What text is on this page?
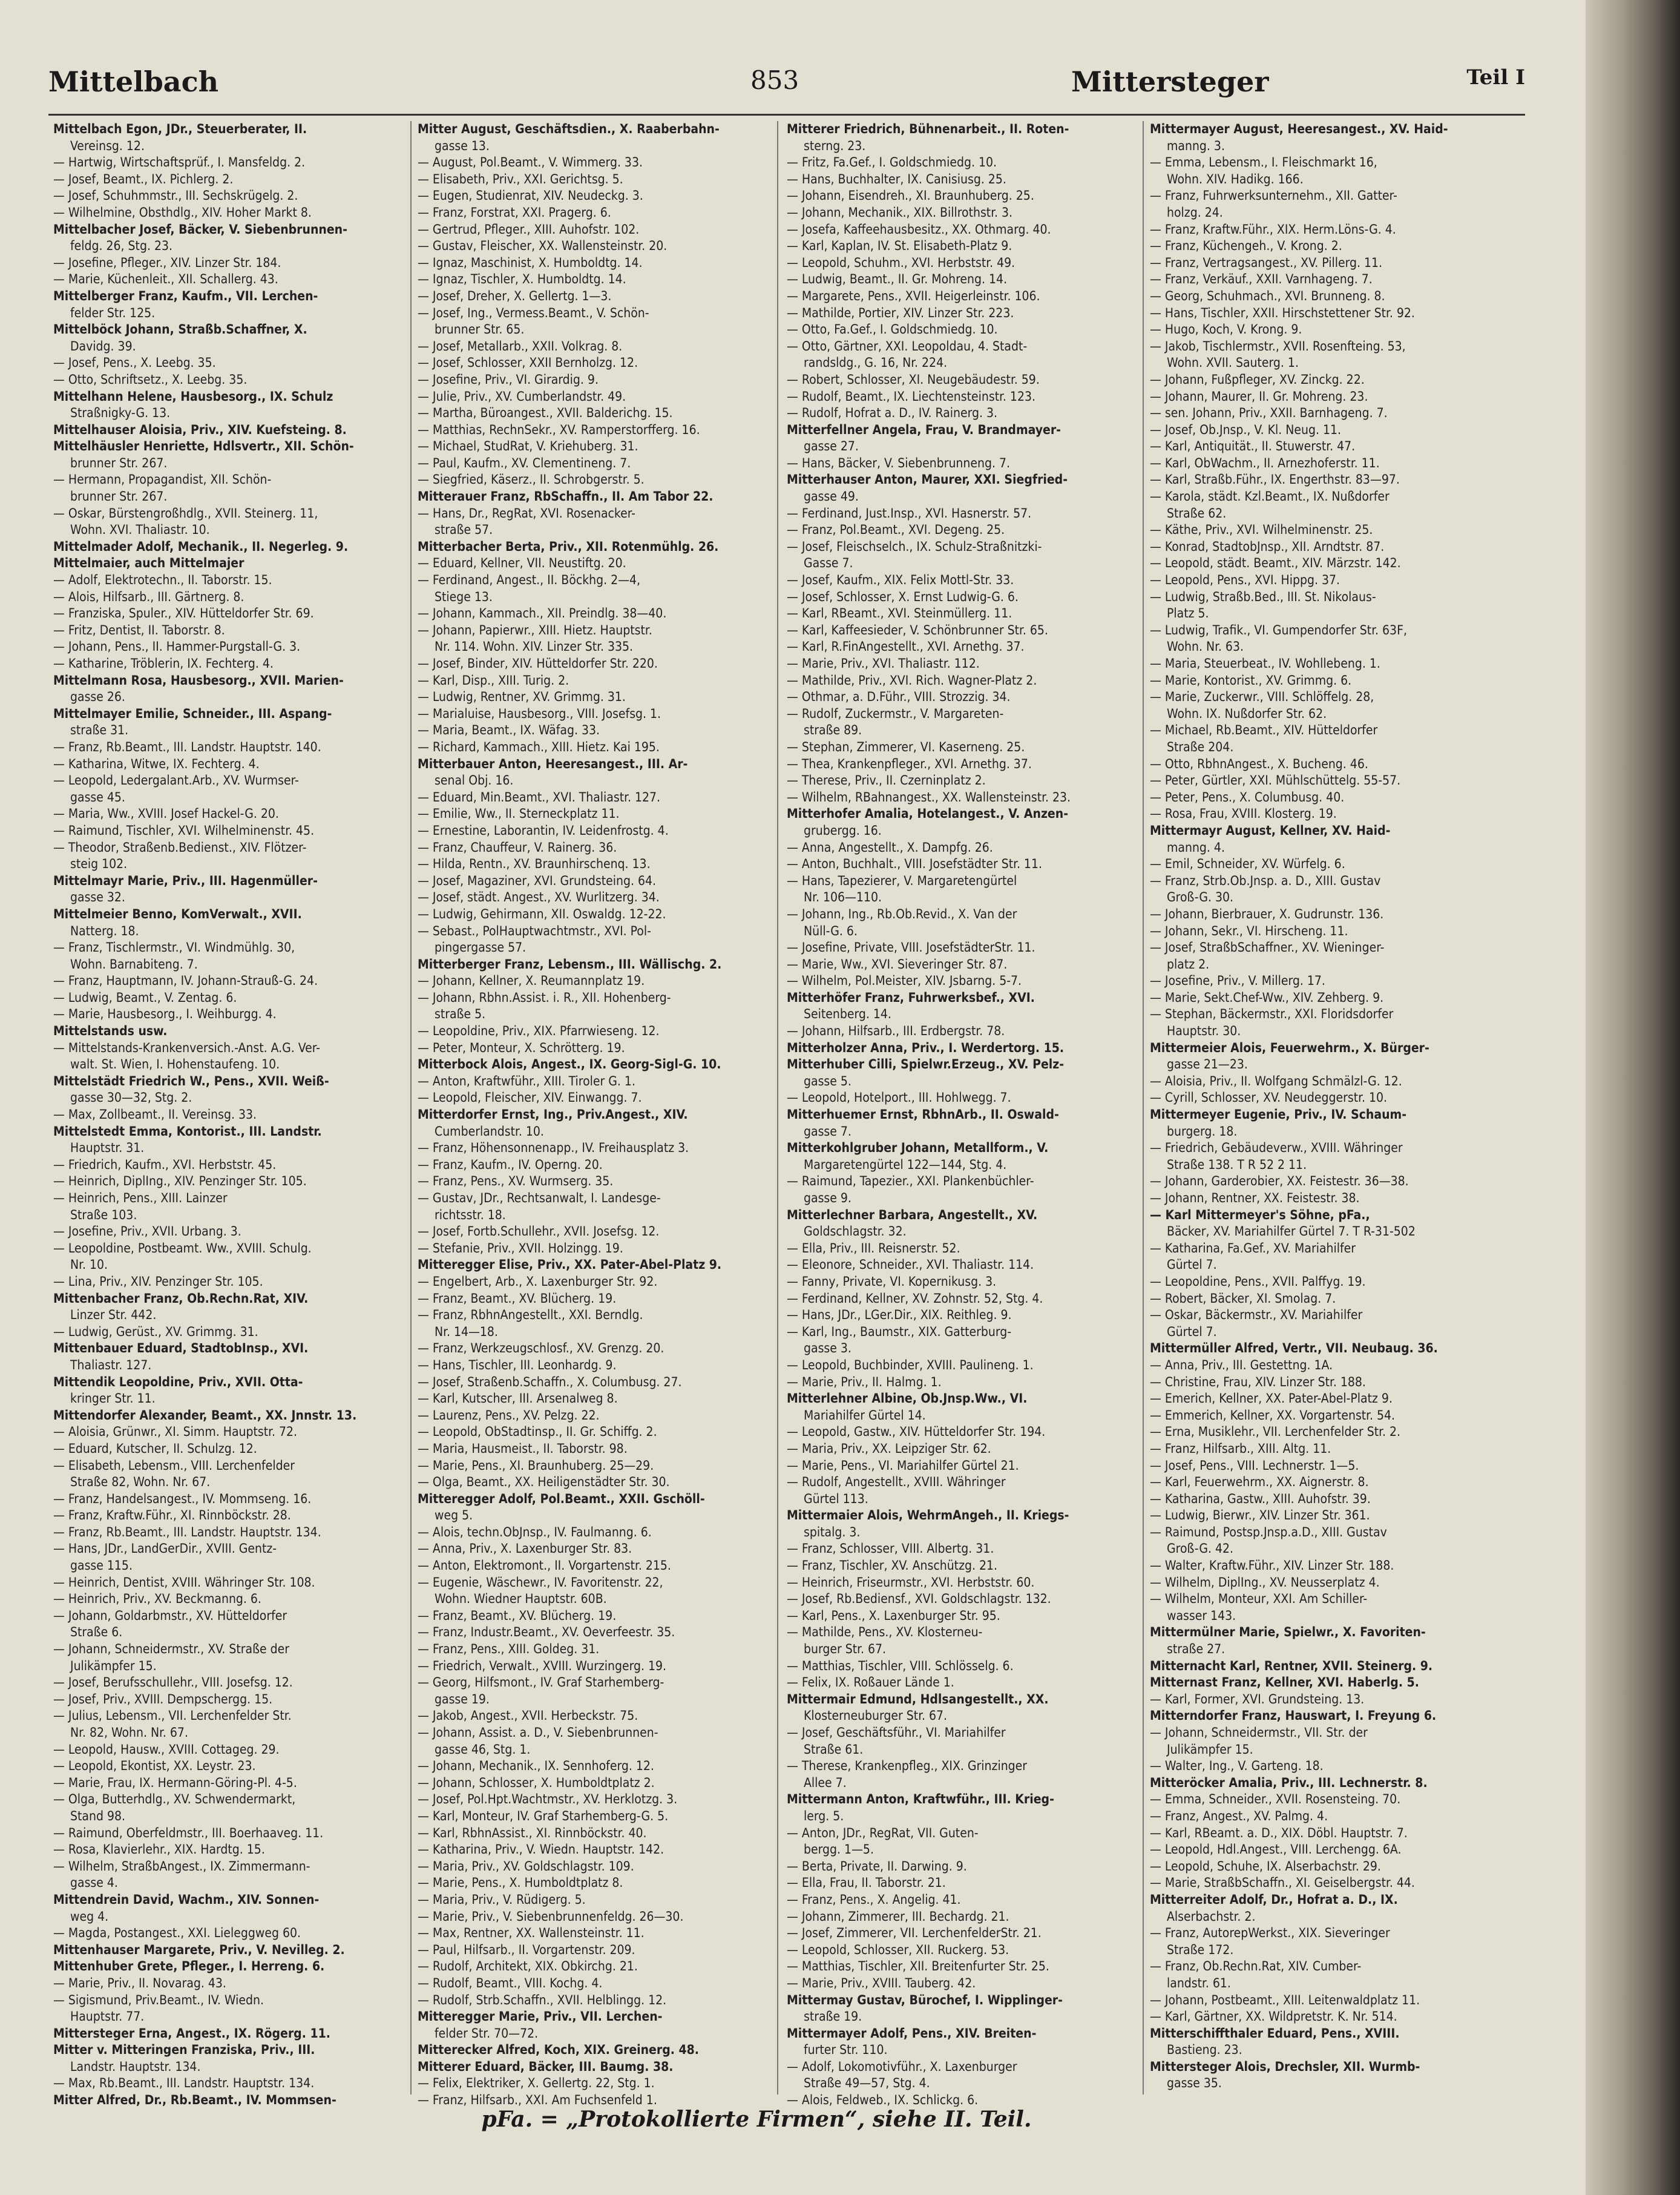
Mittelbach	853	Mittersteger	Teil I
Mittelbach Egon, JDr., Steuerberater, II.
Vereinsg. 12.
— Hartwig, Wirtschaftsprüf., I. Mansfeldg. 2.
— Josef, Beamt., IX. Pichlerg. 2.
— Josef, Schuhmmstr., III. Sechskrügelg. 2.
— Wilhelmine, Obsthdlg., XIV. Hoher Markt 8.
Mittelbacher Josef, Bäcker, V. Siebenbrunnen-
feldg. 26, Stg. 23.
— Josefine, Pfleger., XIV. Linzer Str. 184.
— Marie, Küchenleit., XII. Schallerg. 43.
Mittelberger Franz, Kaufm., VII. Lerchen-
felder Str. 125.
Mittelböck Johann, Straßb.Schaffner, X.
Davidg. 39.
— Josef, Pens., X. Leebg. 35.
— Otto, Schriftsetz., X. Leebg. 35.
Mittelhann Helene, Hausbesorg., IX. Schulz
Straßnigky-G. 13.
Mittelhauser Aloisia, Priv., XIV. Kuefsteing. 8.
Mittelhäusler Henriette, Hdlsvertr., XII. Schön-
brunner Str. 267.
— Hermann, Propagandist, XII. Schön-
brunner Str. 267.
— Oskar, Bürstengroßhdlg., XVII. Steinerg. 11,
Wohn. XVI. Thaliastr. 10.
Mittelmader Adolf, Mechanik., II. Negerleg. 9.
Mittelmaier, auch Mittelmajer
— Adolf, Elektrotechn., II. Taborstr. 15.
— Alois, Hilfsarb., III. Gärtnerg. 8.
— Franziska, Spuler., XIV. Hütteldorfer Str. 69.
— Fritz, Dentist, II. Taborstr. 8.
— Johann, Pens., II. Hammer-Purgstall-G. 3.
— Katharine, Tröblerin, IX. Fechterg. 4.
Mittelmann Rosa, Hausbesorg., XVII. Marien-
gasse 26.
Mittelmayer Emilie, Schneider., III. Aspang-
straße 31.
— Franz, Rb.Beamt., III. Landstr. Hauptstr. 140.
— Katharina, Witwe, IX. Fechterg. 4.
— Leopold, Ledergalant.Arb., XV. Wurmser-
gasse 45.
— Maria, Ww., XVIII. Josef Hackel-G. 20.
— Raimund, Tischler, XVI. Wilhelminenstr. 45.
— Theodor, Straßenb.Bedienst., XIV. Flötzer-
steig 102.
Mittelmayr Marie, Priv., III. Hagenmüller-
gasse 32.
Mittelmeier Benno, KomVerwalt., XVII.
Natterg. 18.
— Franz, Tischlermstr., VI. Windmühlg. 30,
Wohn. Barnabiteng. 7.
— Franz, Hauptmann, IV. Johann-Strauß-G. 24.
— Ludwig, Beamt., V. Zentag. 6.
— Marie, Hausbesorg., I. Weihburgg. 4.
Mittelstands usw.
— Mittelstands-Krankenversich.-Anst. A.G. Ver-
walt. St. Wien, I. Hohenstaufeng. 10.
Mittelstädt Friedrich W., Pens., XVII. Weiß-
gasse 30—32, Stg. 2.
— Max, Zollbeamt., II. Vereinsg. 33.
Mittelstedt Emma, Kontorist., III. Landstr.
Hauptstr. 31.
— Friedrich, Kaufm., XVI. Herbststr. 45.
— Heinrich, DiplIng., XIV. Penzinger Str. 105.
— Heinrich, Pens., XIII. Lainzer
Straße 103.
— Josefine, Priv., XVII. Urbang. 3.
— Leopoldine, Postbeamt. Ww., XVIII. Schulg.
Nr. 10.
— Lina, Priv., XIV. Penzinger Str. 105.
Mittenbacher Franz, Ob.Rechn.Rat, XIV.
Linzer Str. 442.
— Ludwig, Gerüst., XV. Grimmg. 31.
Mittenbauer Eduard, StadtobInsp., XVI.
Thaliastr. 127.
Mittendik Leopoldine, Priv., XVII. Otta-
kringer Str. 11.
Mittendorfer Alexander, Beamt., XX. Jnnstr. 13.
— Aloisia, Grünwr., XI. Simm. Hauptstr. 72.
— Eduard, Kutscher, II. Schulzg. 12.
— Elisabeth, Lebensm., VIII. Lerchenfelder
Straße 82, Wohn. Nr. 67.
— Franz, Handelsangest., IV. Mommseng. 16.
— Franz, Kraftw.Führ., XI. Rinnböckstr. 28.
— Franz, Rb.Beamt., III. Landstr. Hauptstr. 134.
— Hans, JDr., LandGerDir., XVIII. Gentz-
gasse 115.
— Heinrich, Dentist, XVIII. Währinger Str. 108.
— Heinrich, Priv., XV. Beckmanng. 6.
— Johann, Goldarbmstr., XV. Hütteldorfer
Straße 6.
— Johann, Schneidermstr., XV. Straße der
Julikämpfer 15.
— Josef, Berufsschullehr., VIII. Josefsg. 12.
— Josef, Priv., XVIII. Dempschergg. 15.
— Julius, Lebensm., VII. Lerchenfelder Str.
Nr. 82, Wohn. Nr. 67.
— Leopold, Hausw., XVIII. Cottageg. 29.
— Leopold, Ekontist, XX. Leystr. 23.
— Marie, Frau, IX. Hermann-Göring-Pl. 4-5.
— Olga, Butterhdlg., XV. Schwendermarkt,
Stand 98.
— Raimund, Oberfeldmstr., III. Boerhaaveg. 11.
— Rosa, Klavierlehr., XIX. Hardtg. 15.
— Wilhelm, StraßbAngest., IX. Zimmermann-
gasse 4.
Mittendrein David, Wachm., XIV. Sonnen-
weg 4.
— Magda, Postangest., XXI. Lieleggweg 60.
Mittenhauser Margarete, Priv., V. Nevilleg. 2.
Mittenhuber Grete, Pfleger., I. Herreng. 6.
— Marie, Priv., II. Novarag. 43.
— Sigismund, Priv.Beamt., IV. Wiedn.
Hauptstr. 77.
Mittersteger Erna, Angest., IX. Rögerg. 11.
Mitter v. Mitteringen Franziska, Priv., III.
Landstr. Hauptstr. 134.
— Max, Rb.Beamt., III. Landstr. Hauptstr. 134.
Mitter Alfred, Dr., Rb.Beamt., IV. Mommsen-
Mitter August, Geschäftsdien., X. Raaberbahn-
gasse 13.
— August, Pol.Beamt., V. Wimmerg. 33.
— Elisabeth, Priv., XXI. Gerichtsg. 5.
— Eugen, Studienrat, XIV. Neudeckg. 3.
— Franz, Forstrat, XXI. Pragerg. 6.
— Gertrud, Pfleger., XIII. Auhofstr. 102.
— Gustav, Fleischer, XX. Wallensteinstr. 20.
— Ignaz, Maschinist, X. Humboldtg. 14.
— Ignaz, Tischler, X. Humboldtg. 14.
— Josef, Dreher, X. Gellertg. 1—3.
— Josef, Ing., Vermess.Beamt., V. Schön-
brunner Str. 65.
— Josef, Metallarb., XXII. Volkrag. 8.
— Josef, Schlosser, XXII Bernholzg. 12.
— Josefine, Priv., VI. Girardig. 9.
— Julie, Priv., XV. Cumberlandstr. 49.
— Martha, Büroangest., XVII. Balderichg. 15.
— Matthias, RechnSekr., XV. Ramperstorfferg. 16.
— Michael, StudRat, V. Kriehuberg. 31.
— Paul, Kaufm., XV. Clementineng. 7.
— Siegfried, Käserz., II. Schrobgerstr. 5.
Mitterauer Franz, RbSchaffn., II. Am Tabor 22.
— Hans, Dr., RegRat, XVI. Rosenacker-
straße 57.
Mitterbacher Berta, Priv., XII. Rotenmühlg. 26.
— Eduard, Kellner, VII. Neustiftg. 20.
— Ferdinand, Angest., II. Böckhg. 2—4,
Stiege 13.
— Johann, Kammach., XII. Preindlg. 38—40.
— Johann, Papierwr., XIII. Hietz. Hauptstr.
Nr. 114. Wohn. XIV. Linzer Str. 335.
— Josef, Binder, XIV. Hütteldorfer Str. 220.
— Karl, Disp., XIII. Turig. 2.
— Ludwig, Rentner, XV. Grimmg. 31.
— Marialuise, Hausbesorg., VIII. Josefsg. 1.
— Maria, Beamt., IX. Wäfag. 33.
— Richard, Kammach., XIII. Hietz. Kai 195.
Mitterbauer Anton, Heeresangest., III. Ar-
senal Obj. 16.
— Eduard, Min.Beamt., XVI. Thaliastr. 127.
— Emilie, Ww., II. Sterneckplatz 11.
— Ernestine, Laborantin, IV. Leidenfrostg. 4.
— Franz, Chauffeur, V. Rainerg. 36.
— Hilda, Rentn., XV. Braunhirschenq. 13.
— Josef, Magaziner, XVI. Grundsteing. 64.
— Josef, städt. Angest., XV. Wurlitzerg. 34.
— Ludwig, Gehirmann, XII. Oswaldg. 12-22.
— Sebast., PolHauptwachtmstr., XVI. Pol-
pingergasse 57.
Mitterberger Franz, Lebensm., III. Wällischg. 2.
— Johann, Kellner, X. Reumannplatz 19.
— Johann, Rbhn.Assist. i. R., XII. Hohenberg-
straße 5.
— Leopoldine, Priv., XIX. Pfarrwieseng. 12.
— Peter, Monteur, X. Schrötterg. 19.
Mitterbock Alois, Angest., IX. Georg-Sigl-G. 10.
— Anton, Kraftwführ., XIII. Tiroler G. 1.
— Leopold, Fleischer, XIV. Einwangg. 7.
Mitterdorfer Ernst, Ing., Priv.Angest., XIV.
Cumberlandstr. 10.
— Franz, Höhensonnenapp., IV. Freihausplatz 3.
— Franz, Kaufm., IV. Operng. 20.
— Franz, Pens., XV. Wurmserg. 35.
— Gustav, JDr., Rechtsanwalt, I. Landesge-
richtsstr. 18.
— Josef, Fortb.Schullehr., XVII. Josefsg. 12.
— Stefanie, Priv., XVII. Holzingg. 19.
Mitteregger Elise, Priv., XX. Pater-Abel-Platz 9.
— Engelbert, Arb., X. Laxenburger Str. 92.
— Franz, Beamt., XV. Blücherg. 19.
— Franz, RbhnAngestellt., XXI. Berndlg.
Nr. 14—18.
— Franz, Werkzeugschlosf., XV. Grenzg. 20.
— Hans, Tischler, III. Leonhardg. 9.
— Josef, Straßenb.Schaffn., X. Columbusg. 27.
— Karl, Kutscher, III. Arsenalweg 8.
— Laurenz, Pens., XV. Pelzg. 22.
— Leopold, ObStadtinsp., II. Gr. Schiffg. 2.
— Maria, Hausmeist., II. Taborstr. 98.
— Marie, Pens., XI. Braunhuberg. 25—29.
— Olga, Beamt., XX. Heiligenstädter Str. 30.
Mitteregger Adolf, Pol.Beamt., XXII. Gschöll-
weg 5.
— Alois, techn.ObJnsp., IV. Faulmanng. 6.
— Anna, Priv., X. Laxenburger Str. 83.
— Anton, Elektromont., II. Vorgartenstr. 215.
— Eugenie, Wäschewr., IV. Favoritenstr. 22,
Wohn. Wiedner Hauptstr. 60B.
— Franz, Beamt., XV. Blücherg. 19.
— Franz, Industr.Beamt., XV. Oeverfeestr. 35.
— Franz, Pens., XIII. Goldeg. 31.
— Friedrich, Verwalt., XVIII. Wurzingerg. 19.
— Georg, Hilfsmont., IV. Graf Starhemberg-
gasse 19.
— Jakob, Angest., XVII. Herbeckstr. 75.
— Johann, Assist. a. D., V. Siebenbrunnen-
gasse 46, Stg. 1.
— Johann, Mechanik., IX. Sennhoferg. 12.
— Johann, Schlosser, X. Humboldtplatz 2.
— Josef, Pol.Hpt.Wachtmstr., XV. Herklotzg. 3.
— Karl, Monteur, IV. Graf Starhemberg-G. 5.
— Karl, RbhnAssist., XI. Rinnböckstr. 40.
— Katharina, Priv., V. Wiedn. Hauptstr. 142.
— Maria, Priv., XV. Goldschlagstr. 109.
— Marie, Pens., X. Humboldtplatz 8.
— Maria, Priv., V. Rüdigerg. 5.
— Marie, Priv., V. Siebenbrunnenfeldg. 26—30.
— Max, Rentner, XX. Wallensteinstr. 11.
— Paul, Hilfsarb., II. Vorgartenstr. 209.
— Rudolf, Architekt, XIX. Obkirchg. 21.
— Rudolf, Beamt., VIII. Kochg. 4.
— Rudolf, Strb.Schaffn., XVII. Helblingg. 12.
Mitteregger Marie, Priv., VII. Lerchen-
felder Str. 70—72.
Mitterecker Alfred, Koch, XIX. Greinerg. 48.
Mitterer Eduard, Bäcker, III. Baumg. 38.
— Felix, Elektriker, X. Gellertg. 22, Stg. 1.
— Franz, Hilfsarb., XXI. Am Fuchsenfeld 1.
Mitterer Friedrich, Bühnenarbeit., II. Roten-
sterng. 23.
— Fritz, Fa.Gef., I. Goldschmiedg. 10.
— Hans, Buchhalter, IX. Canisiusg. 25.
— Johann, Eisendreh., XI. Braunhuberg. 25.
— Johann, Mechanik., XIX. Billrothstr. 3.
— Josefa, Kaffeehausbesitz., XX. Othmarg. 40.
— Karl, Kaplan, IV. St. Elisabeth-Platz 9.
— Leopold, Schuhm., XVI. Herbststr. 49.
— Ludwig, Beamt., II. Gr. Mohreng. 14.
— Margarete, Pens., XVII. Heigerleinstr. 106.
— Mathilde, Portier, XIV. Linzer Str. 223.
— Otto, Fa.Gef., I. Goldschmiedg. 10.
— Otto, Gärtner, XXI. Leopoldau, 4. Stadt-
randsldg., G. 16, Nr. 224.
— Robert, Schlosser, XI. Neugebäudestr. 59.
— Rudolf, Beamt., IX. Liechtensteinstr. 123.
— Rudolf, Hofrat a. D., IV. Rainerg. 3.
Mitterfellner Angela, Frau, V. Brandmayer-
gasse 27.
— Hans, Bäcker, V. Siebenbrunneng. 7.
Mitterhauser Anton, Maurer, XXI. Siegfried-
gasse 49.
— Ferdinand, Just.Insp., XVI. Hasnerstr. 57.
— Franz, Pol.Beamt., XVI. Degeng. 25.
— Josef, Fleischselch., IX. Schulz-Straßnitzki-
Gasse 7.
— Josef, Kaufm., XIX. Felix Mottl-Str. 33.
— Josef, Schlosser, X. Ernst Ludwig-G. 6.
— Karl, RBeamt., XVI. Steinmüllerg. 11.
— Karl, Kaffeesieder, V. Schönbrunner Str. 65.
— Karl, R.FinAngestellt., XVI. Arnethg. 37.
— Marie, Priv., XVI. Thaliastr. 112.
— Mathilde, Priv., XVI. Rich. Wagner-Platz 2.
— Othmar, a. D.Führ., VIII. Strozzig. 34.
— Rudolf, Zuckermstr., V. Margareten-
straße 89.
— Stephan, Zimmerer, VI. Kaserneng. 25.
— Thea, Krankenpfleger., XVI. Arnethg. 37.
— Therese, Priv., II. Czerninplatz 2.
— Wilhelm, RBahnangest., XX. Wallensteinstr. 23.
Mitterhofer Amalia, Hotelangest., V. Anzen-
grubergg. 16.
— Anna, Angestellt., X. Dampfg. 26.
— Anton, Buchhalt., VIII. Josefstädter Str. 11.
— Hans, Tapezierer, V. Margaretengürtel
Nr. 106—110.
— Johann, Ing., Rb.Ob.Revid., X. Van der
Nüll-G. 6.
— Josefine, Private, VIII. JosefstädterStr. 11.
— Marie, Ww., XVI. Sieveringer Str. 87.
— Wilhelm, Pol.Meister, XIV. Jsbarng. 5-7.
Mitterhöfer Franz, Fuhrwerksbef., XVI.
Seitenberg. 14.
— Johann, Hilfsarb., III. Erdbergstr. 78.
Mitterholzer Anna, Priv., I. Werdertorg. 15.
Mitterhuber Cilli, Spielwr.Erzeug., XV. Pelz-
gasse 5.
— Leopold, Hotelport., III. Hohlwegg. 7.
Mitterhuemer Ernst, RbhnArb., II. Oswald-
gasse 7.
Mitterkohlgruber Johann, Metallform., V.
Margaretengürtel 122—144, Stg. 4.
— Raimund, Tapezier., XXI. Plankenbüchler-
gasse 9.
Mitterlechner Barbara, Angestellt., XV.
Goldschlagstr. 32.
— Ella, Priv., III. Reisnerstr. 52.
— Eleonore, Schneider., XVI. Thaliastr. 114.
— Fanny, Private, VI. Kopernikusg. 3.
— Ferdinand, Kellner, XV. Zohnstr. 52, Stg. 4.
— Hans, JDr., LGer.Dir., XIX. Reithleg. 9.
— Karl, Ing., Baumstr., XIX. Gatterburg-
gasse 3.
— Leopold, Buchbinder, XVIII. Paulineng. 1.
— Marie, Priv., II. Halmg. 1.
Mitterlehner Albine, Ob.Jnsp.Ww., VI.
Mariahilfer Gürtel 14.
— Leopold, Gastw., XIV. Hütteldorfer Str. 194.
— Maria, Priv., XX. Leipziger Str. 62.
— Marie, Pens., VI. Mariahilfer Gürtel 21.
— Rudolf, Angestellt., XVIII. Währinger
Gürtel 113.
Mittermaier Alois, WehrmAngeh., II. Kriegs-
spitalg. 3.
— Franz, Schlosser, VIII. Albertg. 31.
— Franz, Tischler, XV. Anschützg. 21.
— Heinrich, Friseurmstr., XVI. Herbststr. 60.
— Josef, Rb.Bediensf., XVI. Goldschlagstr. 132.
— Karl, Pens., X. Laxenburger Str. 95.
— Mathilde, Pens., XV. Klosterneu-
burger Str. 67.
— Matthias, Tischler, VIII. Schlösselg. 6.
— Felix, IX. Roßauer Lände 1.
Mittermair Edmund, Hdlsangestellt., XX.
Klosterneuburger Str. 67.
— Josef, Geschäftsführ., VI. Mariahilfer
Straße 61.
— Therese, Krankenpfleg., XIX. Grinzinger
Allee 7.
Mittermann Anton, Kraftwführ., III. Krieg-
lerg. 5.
— Anton, JDr., RegRat, VII. Guten-
bergg. 1—5.
— Berta, Private, II. Darwing. 9.
— Ella, Frau, II. Taborstr. 21.
— Franz, Pens., X. Angelig. 41.
— Johann, Zimmerer, III. Bechardg. 21.
— Josef, Zimmerer, VII. LerchenfelderStr. 21.
— Leopold, Schlosser, XII. Ruckerg. 53.
— Matthias, Tischler, XII. Breitenfurter Str. 25.
— Marie, Priv., XVIII. Tauberg. 42.
Mittermay Gustav, Bürochef, I. Wipplinger-
straße 19.
Mittermayer Adolf, Pens., XIV. Breiten-
furter Str. 110.
— Adolf, Lokomotivführ., X. Laxenburger
Straße 49—57, Stg. 4.
— Alois, Feldweb., IX. Schlickg. 6.
Mittermayer August, Heeresangest., XV. Haid-
manng. 3.
— Emma, Lebensm., I. Fleischmarkt 16,
Wohn. XIV. Hadikg. 166.
— Franz, Fuhrwerksunternehm., XII. Gatter-
holzg. 24.
— Franz, Kraftw.Führ., XIX. Herm.Löns-G. 4.
— Franz, Küchengeh., V. Krong. 2.
— Franz, Vertragsangest., XV. Pillerg. 11.
— Franz, Verkäuf., XXII. Varnhageng. 7.
— Georg, Schuhmach., XVI. Brunneng. 8.
— Hans, Tischler, XXII. Hirschstettener Str. 92.
— Hugo, Koch, V. Krong. 9.
— Jakob, Tischlermstr., XVII. Rosenfteing. 53,
Wohn. XVII. Sauterg. 1.
— Johann, Fußpfleger, XV. Zinckg. 22.
— Johann, Maurer, II. Gr. Mohreng. 23.
— sen. Johann, Priv., XXII. Barnhageng. 7.
— Josef, Ob.Jnsp., V. Kl. Neug. 11.
— Karl, Antiquität., II. Stuwerstr. 47.
— Karl, ObWachm., II. Arnezhoferstr. 11.
— Karl, Straßb.Führ., IX. Engerthstr. 83—97.
— Karola, städt. Kzl.Beamt., IX. Nußdorfer
Straße 62.
— Käthe, Priv., XVI. Wilhelminenstr. 25.
— Konrad, StadtobJnsp., XII. Arndtstr. 87.
— Leopold, städt. Beamt., XIV. Märzstr. 142.
— Leopold, Pens., XVI. Hippg. 37.
— Ludwig, Straßb.Bed., III. St. Nikolaus-
Platz 5.
— Ludwig, Trafik., VI. Gumpendorfer Str. 63F,
Wohn. Nr. 63.
— Maria, Steuerbeat., IV. Wohllebeng. 1.
— Marie, Kontorist., XV. Grimmg. 6.
— Marie, Zuckerwr., VIII. Schlöffelg. 28,
Wohn. IX. Nußdorfer Str. 62.
— Michael, Rb.Beamt., XIV. Hütteldorfer
Straße 204.
— Otto, RbhnAngest., X. Bucheng. 46.
— Peter, Gürtler, XXI. Mühlschüttelg. 55-57.
— Peter, Pens., X. Columbusg. 40.
— Rosa, Frau, XVIII. Klosterg. 19.
Mittermayr August, Kellner, XV. Haid-
manng. 4.
— Emil, Schneider, XV. Würfelg. 6.
— Franz, Strb.Ob.Jnsp. a. D., XIII. Gustav
Groß-G. 30.
— Johann, Bierbrauer, X. Gudrunstr. 136.
— Johann, Sekr., VI. Hirscheng. 11.
— Josef, StraßbSchaffner., XV. Wieninger-
platz 2.
— Josefine, Priv., V. Millerg. 17.
— Marie, Sekt.Chef-Ww., XIV. Zehberg. 9.
— Stephan, Bäckermstr., XXI. Floridsdorfer
Hauptstr. 30.
Mittermeier Alois, Feuerwehrm., X. Bürger-
gasse 21—23.
— Aloisia, Priv., II. Wolfgang Schmälzl-G. 12.
— Cyrill, Schlosser, XV. Neudeggerstr. 10.
Mittermeyer Eugenie, Priv., IV. Schaum-
burgerg. 18.
— Friedrich, Gebäudeverw., XVIII. Währinger
Straße 138. T R 52 2 11.
— Johann, Garderobier, XX. Feistestr. 36—38.
— Johann, Rentner, XX. Feistestr. 38.
— Karl Mittermeyer's Söhne, pFa.,
Bäcker, XV. Mariahilfer Gürtel 7. T R-31-502
— Katharina, Fa.Gef., XV. Mariahilfer
Gürtel 7.
— Leopoldine, Pens., XVII. Palffyg. 19.
— Robert, Bäcker, XI. Smolag. 7.
— Oskar, Bäckermstr., XV. Mariahilfer
Gürtel 7.
Mittermüller Alfred, Vertr., VII. Neubaug. 36.
— Anna, Priv., III. Gestettng. 1A.
— Christine, Frau, XIV. Linzer Str. 188.
— Emerich, Kellner, XX. Pater-Abel-Platz 9.
— Emmerich, Kellner, XX. Vorgartenstr. 54.
— Erna, Musiklehr., VII. Lerchenfelder Str. 2.
— Franz, Hilfsarb., XIII. Altg. 11.
— Josef, Pens., VIII. Lechnerstr. 1—5.
— Karl, Feuerwehrm., XX. Aignerstr. 8.
— Katharina, Gastw., XIII. Auhofstr. 39.
— Ludwig, Bierwr., XIV. Linzer Str. 361.
— Raimund, Postsp.Jnsp.a.D., XIII. Gustav
Groß-G. 42.
— Walter, Kraftw.Führ., XIV. Linzer Str. 188.
— Wilhelm, DiplIng., XV. Neusserplatz 4.
— Wilhelm, Monteur, XXI. Am Schiller-
wasser 143.
Mittermülner Marie, Spielwr., X. Favoriten-
straße 27.
Mitternacht Karl, Rentner, XVII. Steinerg. 9.
Mitternast Franz, Kellner, XVI. Haberlg. 5.
— Karl, Former, XVI. Grundsteing. 13.
Mitterndorfer Franz, Hauswart, I. Freyung 6.
— Johann, Schneidermstr., VII. Str. der
Julikämpfer 15.
— Walter, Ing., V. Garteng. 18.
Mitteröcker Amalia, Priv., III. Lechnerstr. 8.
— Emma, Schneider., XVII. Rosensteing. 70.
— Franz, Angest., XV. Palmg. 4.
— Karl, RBeamt. a. D., XIX. Döbl. Hauptstr. 7.
— Leopold, Hdl.Angest., VIII. Lerchengg. 6A.
— Leopold, Schuhe, IX. Alserbachstr. 29.
— Marie, StraßbSchaffn., XI. Geiselbergstr. 44.
Mitterreiter Adolf, Dr., Hofrat a. D., IX.
Alserbachstr. 2.
— Franz, AutorepWerkst., XIX. Sieveringer
Straße 172.
— Franz, Ob.Rechn.Rat, XIV. Cumber-
landstr. 61.
— Johann, Postbeamt., XIII. Leitenwaldplatz 11.
— Karl, Gärtner, XX. Wildpretstr. K. Nr. 514.
Mitterschiffthaler Eduard, Pens., XVIII.
Bastieng. 23.
Mittersteger Alois, Drechsler, XII. Wurmb-
gasse 35.
pFa. = „Protokollierte Firmen“, siehe II. Teil.
